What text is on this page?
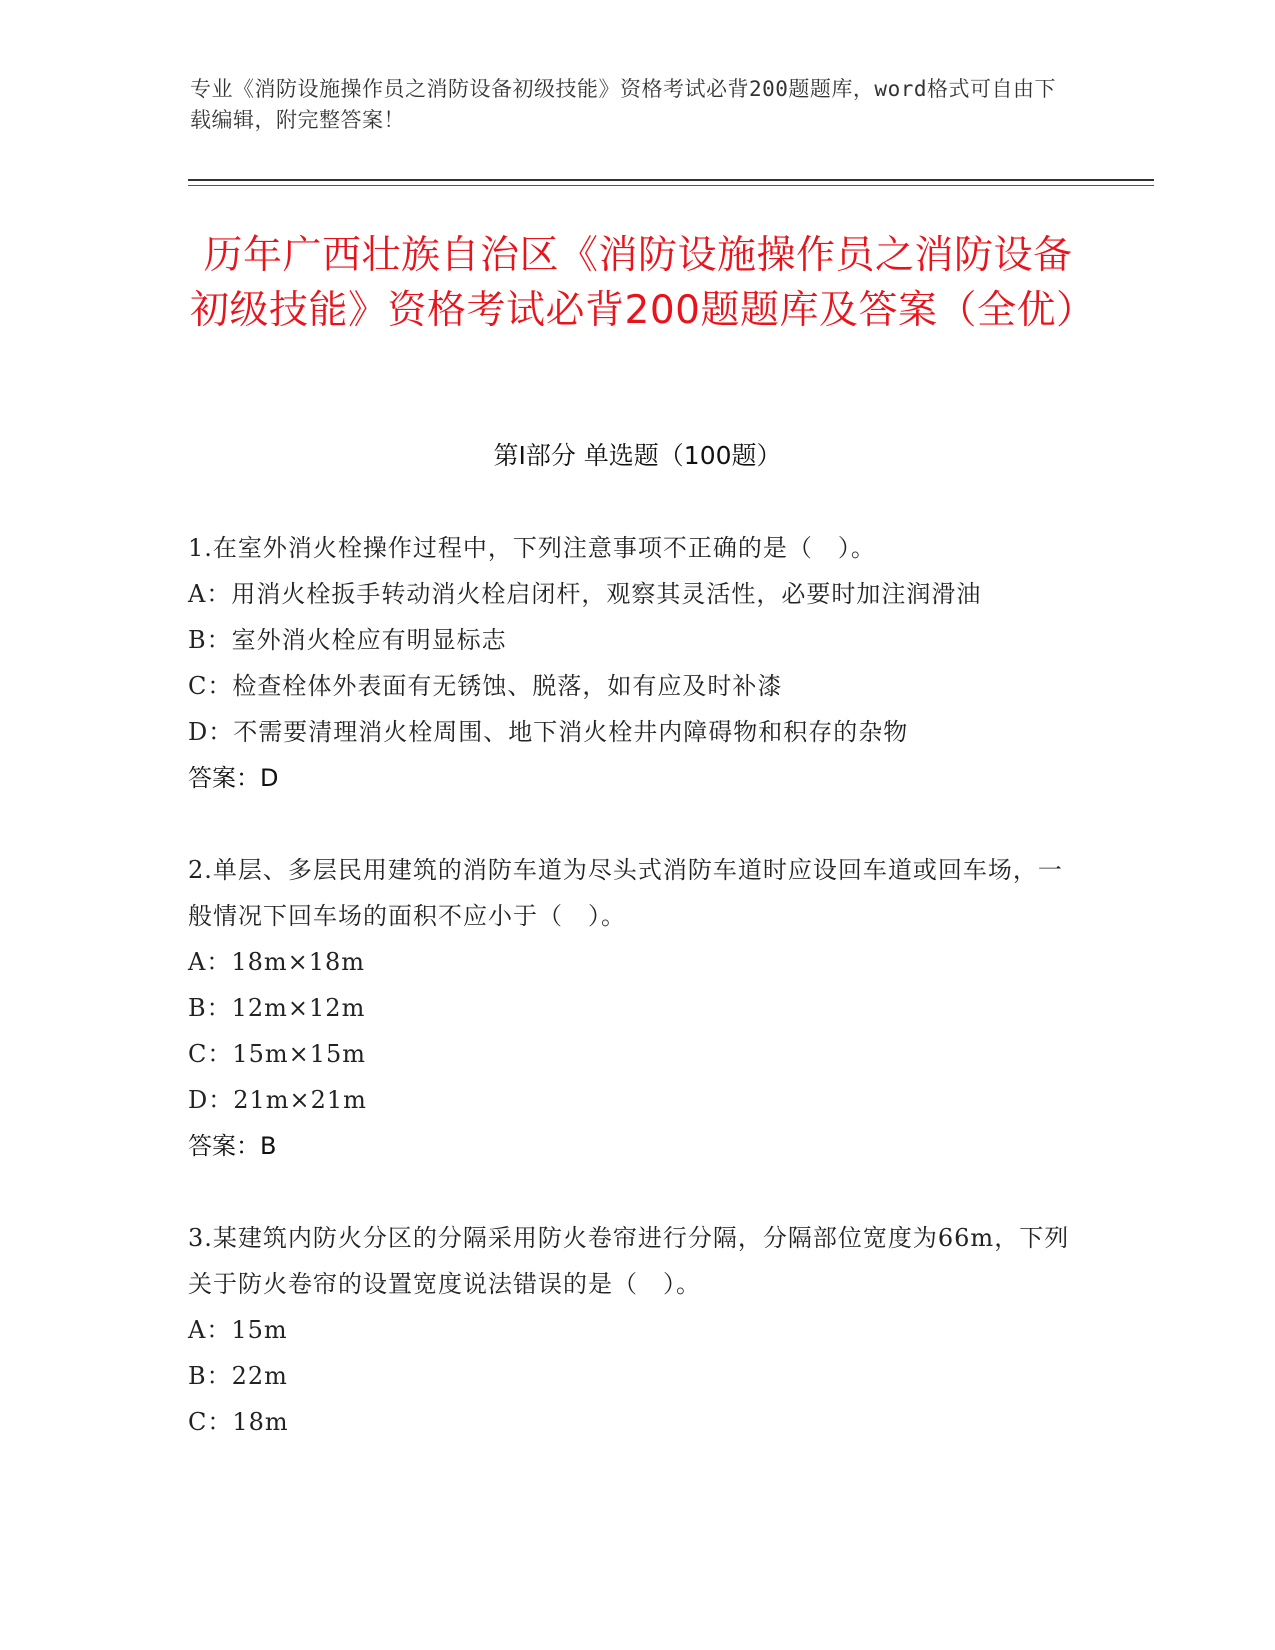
专业《消防设施操作员之消防设备初级技能》资格考试必背200题题库，word格式可自由下载编辑，附完整答案！
历年广西壮族自治区《消防设施操作员之消防设备初级技能》资格考试必背200题题库及答案（全优）
第I部分 单选题（100题）
1.在室外消火栓操作过程中，下列注意事项不正确的是（　）。
A：用消火栓扳手转动消火栓启闭杆，观察其灵活性，必要时加注润滑油
B：室外消火栓应有明显标志
C：检查栓体外表面有无锈蚀、脱落，如有应及时补漆
D：不需要清理消火栓周围、地下消火栓井内障碍物和积存的杂物
答案：D
2.单层、多层民用建筑的消防车道为尽头式消防车道时应设回车道或回车场，一般情况下回车场的面积不应小于（　）。
A：18m×18m
B：12m×12m
C：15m×15m
D：21m×21m
答案：B
3.某建筑内防火分区的分隔采用防火卷帘进行分隔，分隔部位宽度为66m，下列关于防火卷帘的设置宽度说法错误的是（　）。
A：15m
B：22m
C：18m
